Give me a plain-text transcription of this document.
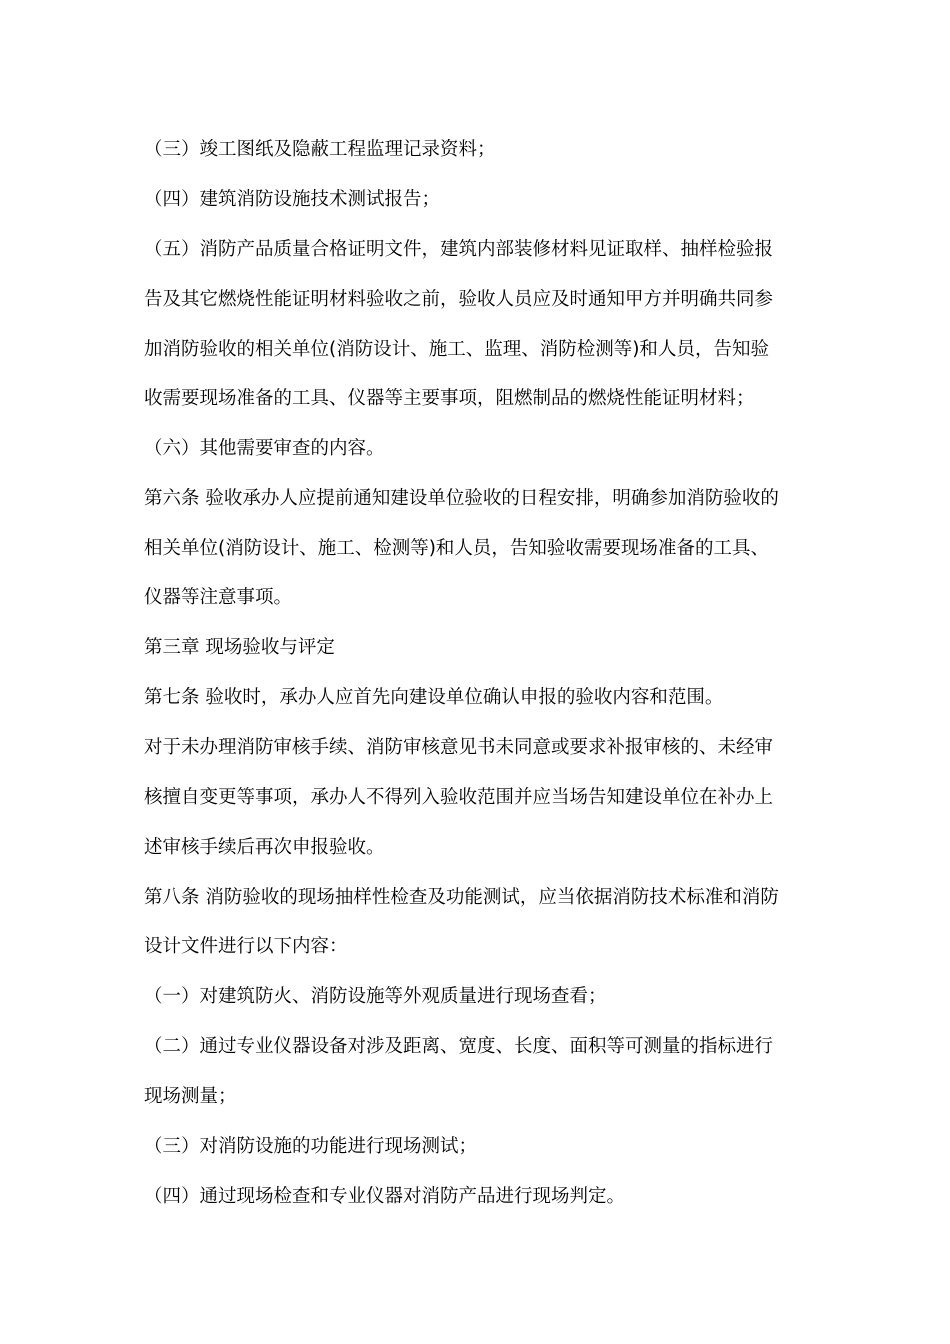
（三）竣工图纸及隐蔽工程监理记录资料；
（四）建筑消防设施技术测试报告；
（五）消防产品质量合格证明文件，建筑内部装修材料见证取样、抽样检验报
告及其它燃烧性能证明材料验收之前，验收人员应及时通知甲方并明确共同参
加消防验收的相关单位(消防设计、施工、监理、消防检测等)和人员，告知验
收需要现场准备的工具、仪器等主要事项，阻燃制品的燃烧性能证明材料；
（六）其他需要审查的内容。
第六条 验收承办人应提前通知建设单位验收的日程安排，明确参加消防验收的
相关单位(消防设计、施工、检测等)和人员，告知验收需要现场准备的工具、
仪器等注意事项。
第三章 现场验收与评定
第七条 验收时，承办人应首先向建设单位确认申报的验收内容和范围。
对于未办理消防审核手续、消防审核意见书未同意或要求补报审核的、未经审
核擅自变更等事项，承办人不得列入验收范围并应当场告知建设单位在补办上
述审核手续后再次申报验收。
第八条 消防验收的现场抽样性检查及功能测试，应当依据消防技术标准和消防
设计文件进行以下内容：
（一）对建筑防火、消防设施等外观质量进行现场查看；
（二）通过专业仪器设备对涉及距离、宽度、长度、面积等可测量的指标进行
现场测量；
（三）对消防设施的功能进行现场测试；
（四）通过现场检查和专业仪器对消防产品进行现场判定。
